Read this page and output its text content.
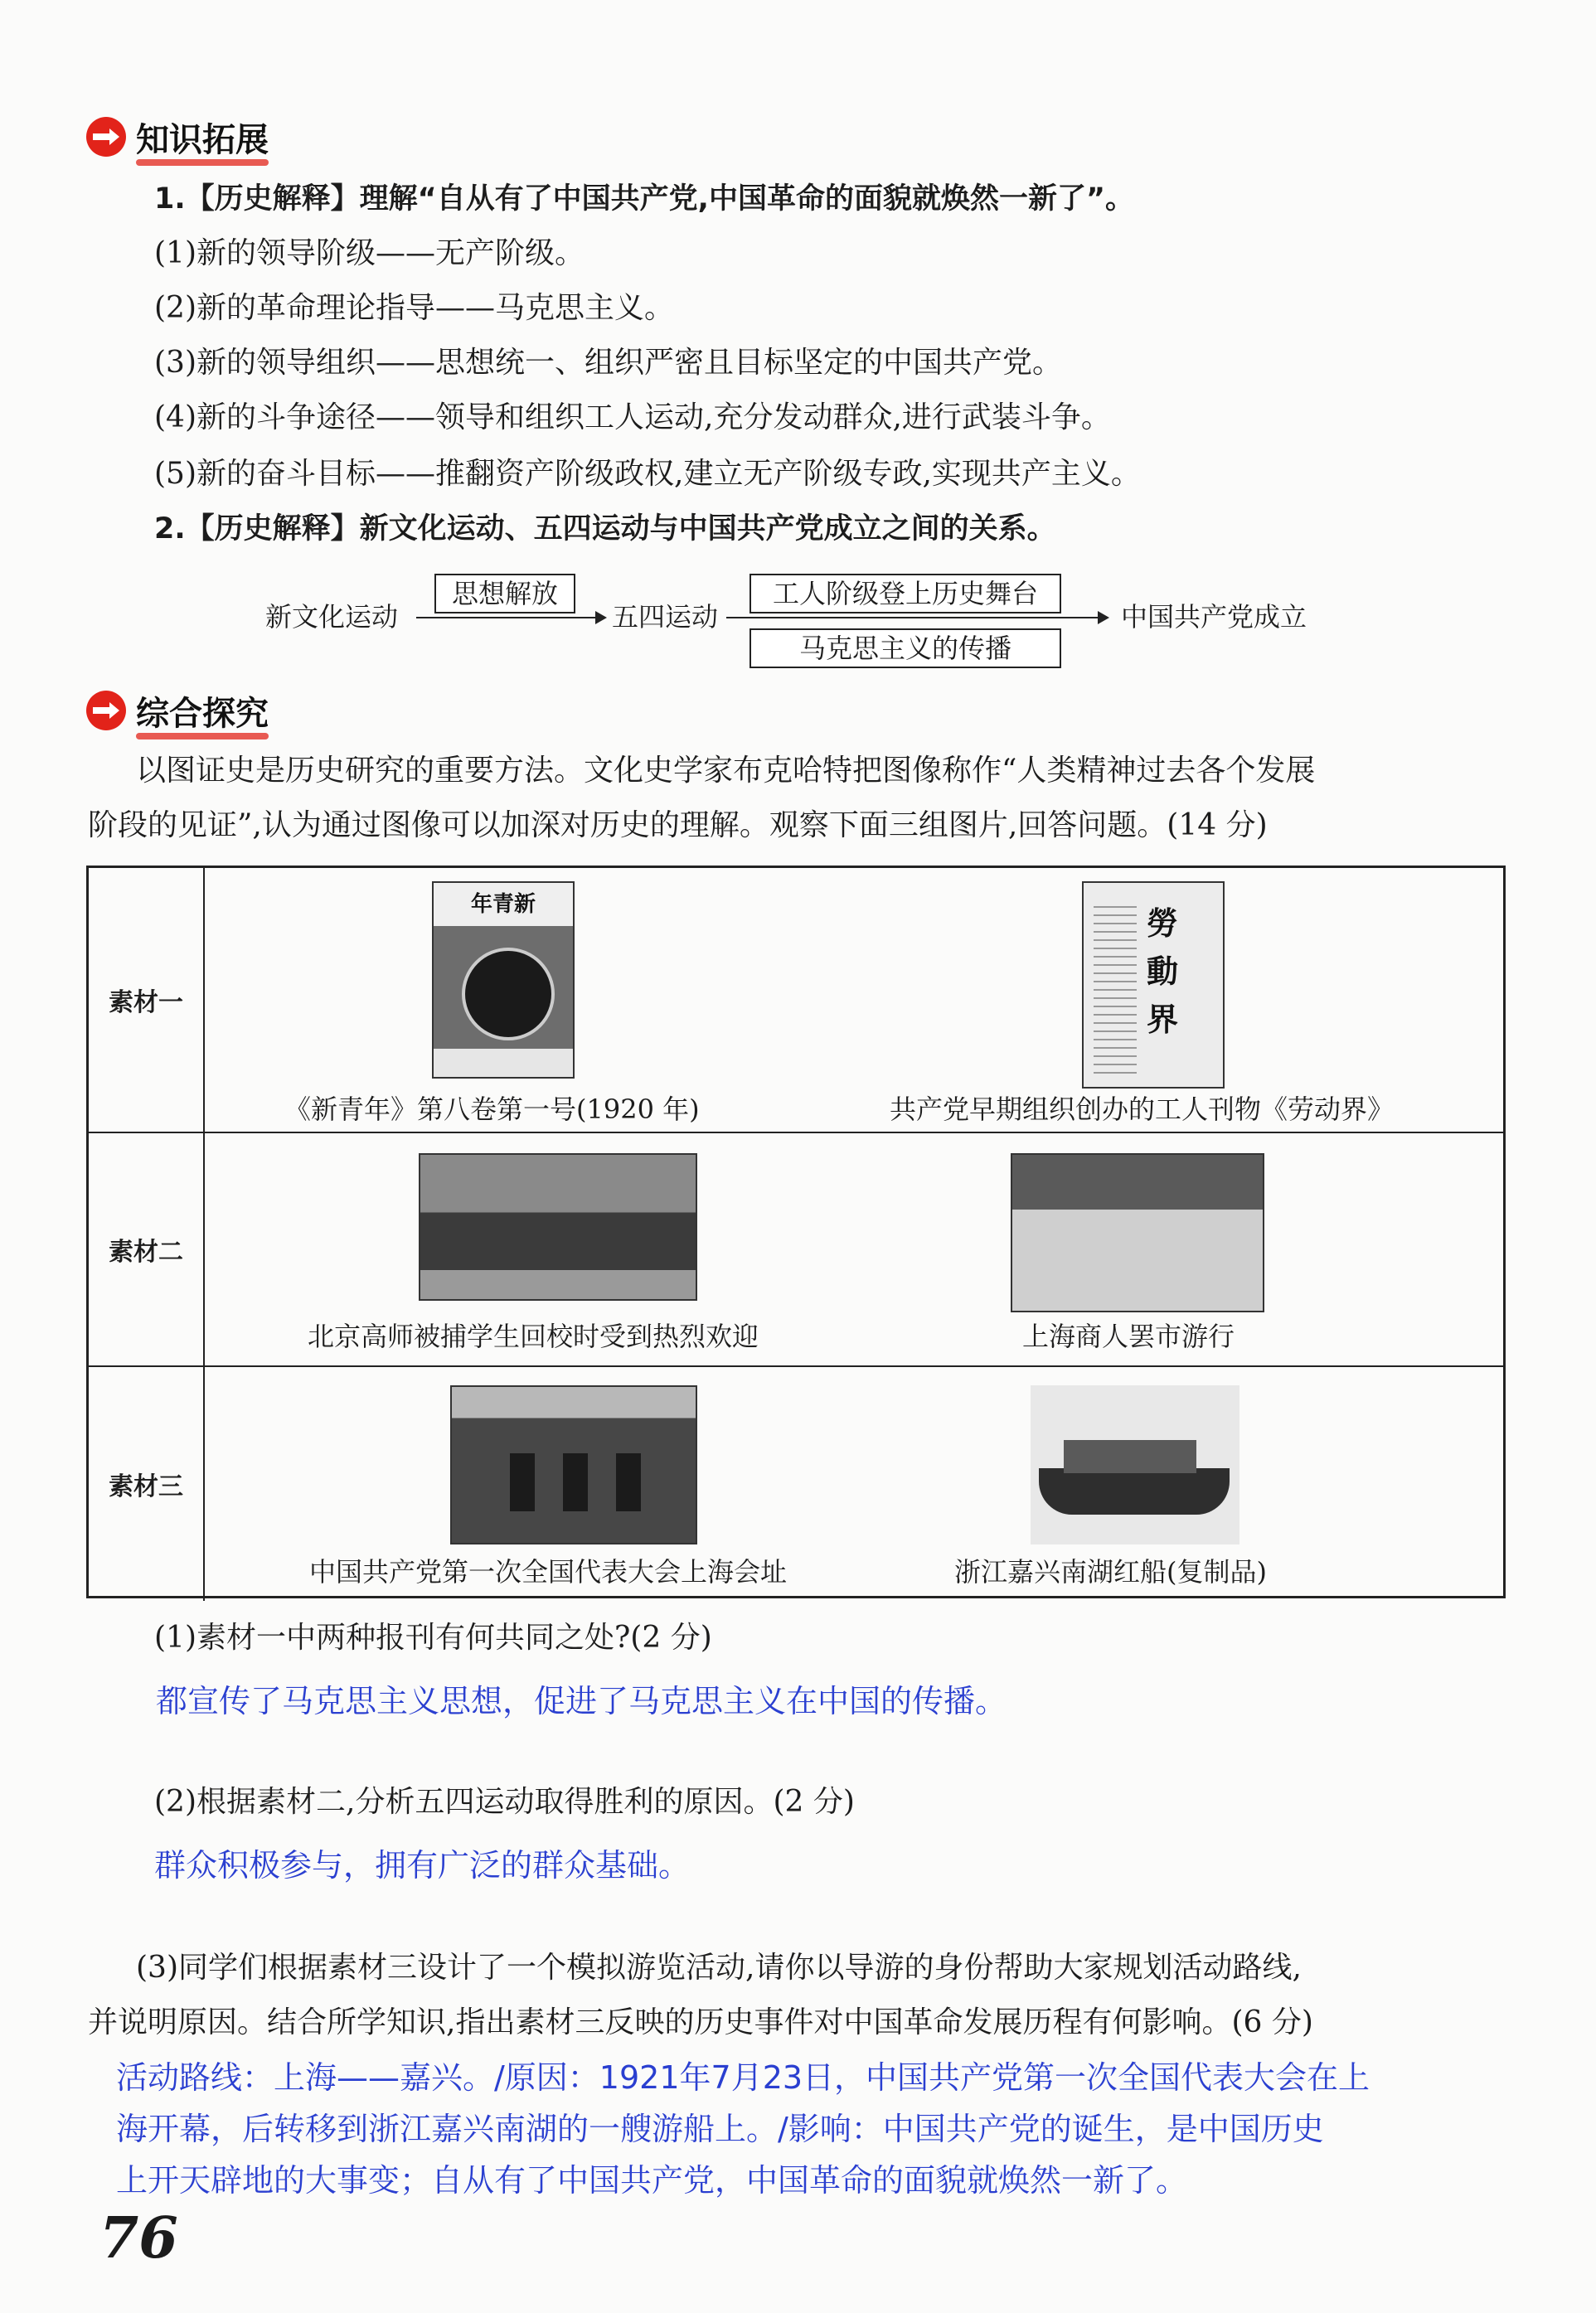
知识拓展
1.【历史解释】理解“自从有了中国共产党,中国革命的面貌就焕然一新了”。
(1)新的领导阶级——无产阶级。
(2)新的革命理论指导——马克思主义。
(3)新的领导组织——思想统一、组织严密且目标坚定的中国共产党。
(4)新的斗争途径——领导和组织工人运动,充分发动群众,进行武装斗争。
(5)新的奋斗目标——推翻资产阶级政权,建立无产阶级专政,实现共产主义。
2.【历史解释】新文化运动、五四运动与中国共产党成立之间的关系。
新文化运动
思想解放
五四运动
工人阶级登上历史舞台
马克思主义的传播
中国共产党成立
综合探究
以图证史是历史研究的重要方法。文化史学家布克哈特把图像称作“人类精神过去各个发展
阶段的见证”,认为通过图像可以加深对历史的理解。观察下面三组图片,回答问题。(14 分)
素材一
年青新	勞動界
《新青年》第八卷第一号(1920 年)	共产党早期组织创办的工人刊物《劳动界》
素材二
北京高师被捕学生回校时受到热烈欢迎	上海商人罢市游行
素材三
中国共产党第一次全国代表大会上海会址	浙江嘉兴南湖红船(复制品)
(1)素材一中两种报刊有何共同之处?(2 分)
都宣传了马克思主义思想，促进了马克思主义在中国的传播。
(2)根据素材二,分析五四运动取得胜利的原因。(2 分)
群众积极参与，拥有广泛的群众基础。
(3)同学们根据素材三设计了一个模拟游览活动,请你以导游的身份帮助大家规划活动路线,
并说明原因。结合所学知识,指出素材三反映的历史事件对中国革命发展历程有何影响。(6 分)
活动路线：上海——嘉兴。/原因：1921年7月23日，中国共产党第一次全国代表大会在上
海开幕，后转移到浙江嘉兴南湖的一艘游船上。/影响：中国共产党的诞生，是中国历史
上开天辟地的大事变；自从有了中国共产党，中国革命的面貌就焕然一新了。
76
